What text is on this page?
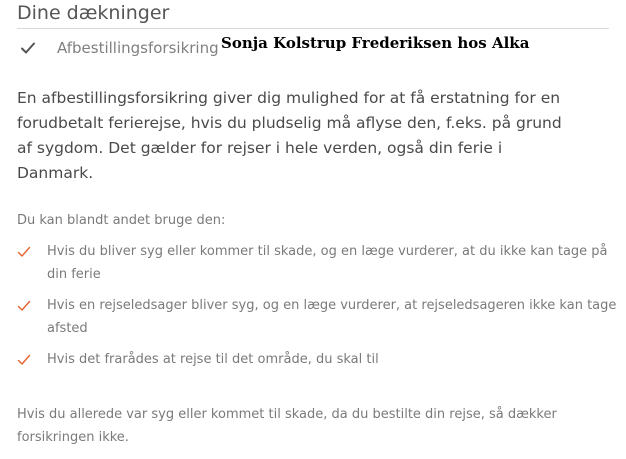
Dine dækninger
Afbestillingsforsikring Sonja Kolstrup Frederiksen hos Alka

En afbestillingsforsikring giver dig mulighed for at få erstatning for en forudbetalt ferierejse, hvis du pludselig må aflyse den, f.eks. på grund af sygdom. Det gælder for rejser i hele verden, også din ferie i Danmark.

Du kan blandt andet bruge den:

Hvis du bliver syg eller kommer til skade, og en læge vurderer, at du ikke kan tage på din ferie
Hvis en rejseledsager bliver syg, og en læge vurderer, at rejseledsageren ikke kan tage afsted
Hvis det frarådes at rejse til det område, du skal til

Hvis du allerede var syg eller kommet til skade, da du bestilte din rejse, så dækker forsikringen ikke.
